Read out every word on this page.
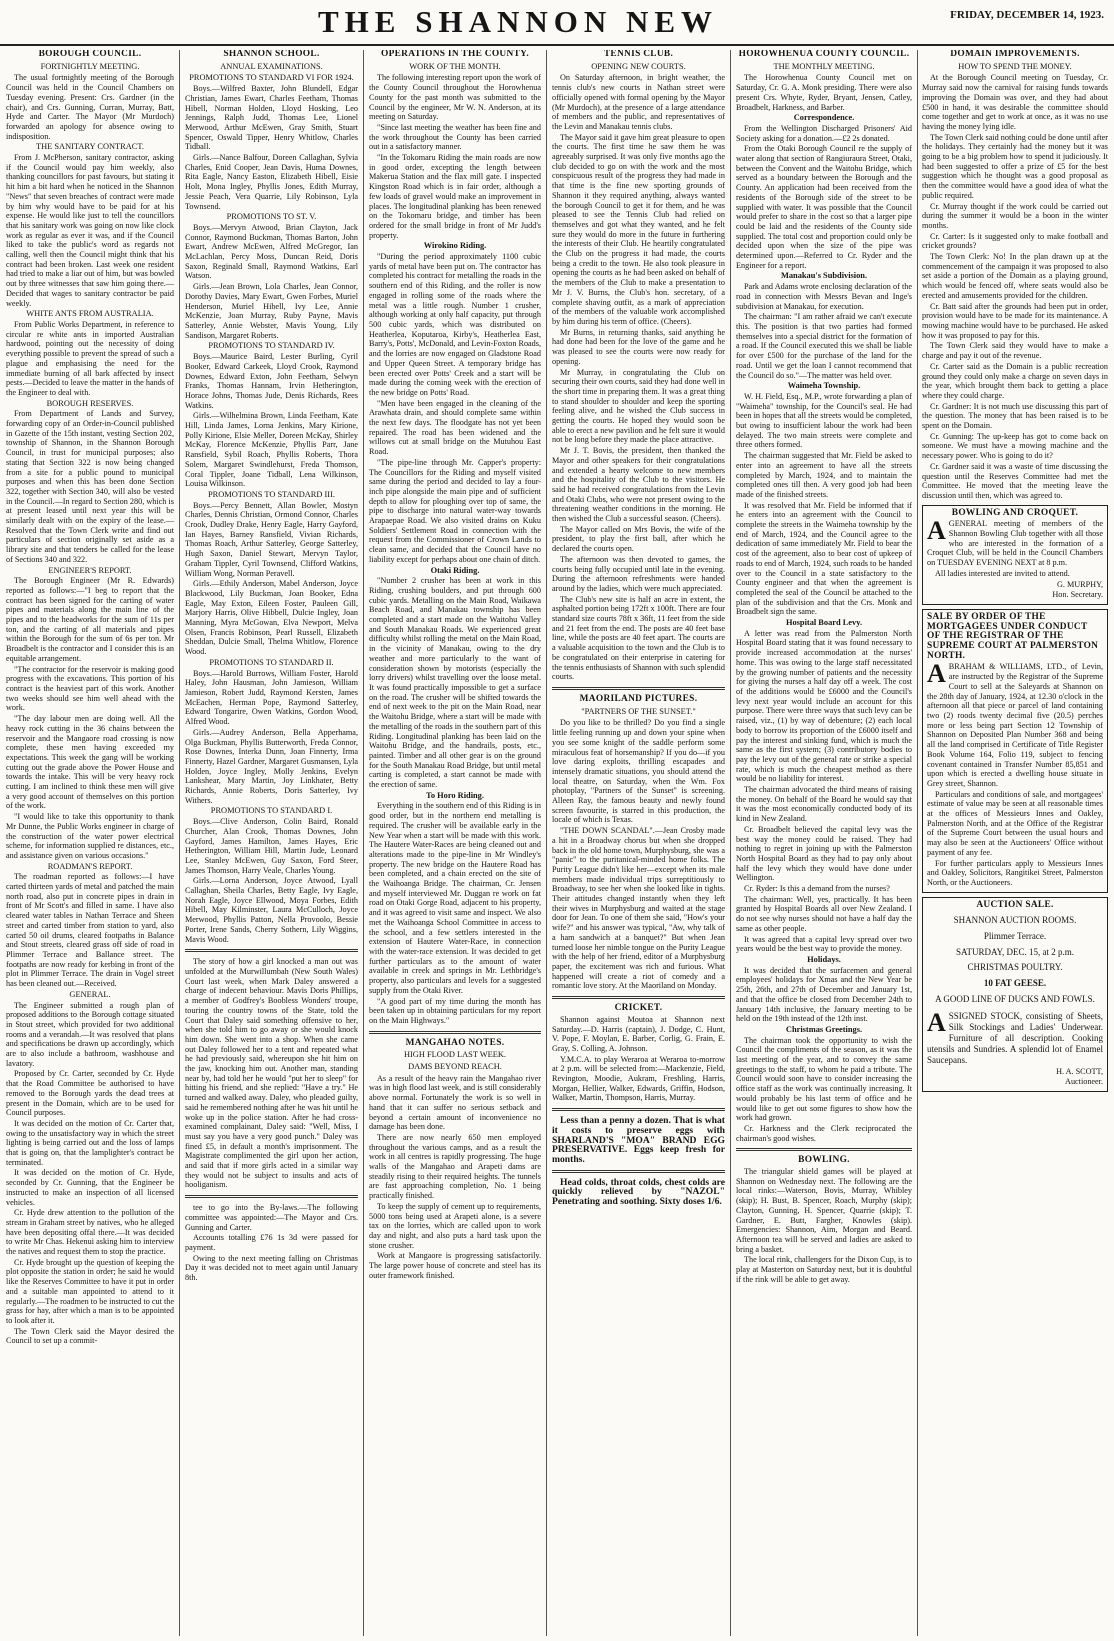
THE SHANNON NEW	FRIDAY, DECEMBER 14, 1923.
BOROUGH COUNCIL.
FORTNIGHTLY MEETING.

The usual fortnightly meeting of the Borough Council was held in the Council Chambers on Tuesday evening. Present: Crs. Gardner (in the chair), and Crs. Gunning, Curran, Murray, Batt, Hyde and Carter. The Mayor (Mr Murdoch) forwarded an apology for absence owing to indisposition.

THE SANITARY CONTRACT.

From J. McPherson, sanitary contractor, asking if the Council would pay him weekly, also thanking councillors for past favours, but stating it hit him a bit hard when he noticed in the Shannon "News" that seven breaches of contract were made by him why would have to be paid for at his expense. He would like just to tell the councillors that his sanitary work was going on now like clock work as regular as ever it was, and if the Council liked to take the public's word as regards not calling, well then the Council might think that his contract had been broken. Last week one resident had tried to make a liar out of him, but was bowled out by three witnesses that saw him going there.—Decided that wages to sanitary contractor be paid weekly.

WHITE ANTS FROM AUSTRALIA.

From Public Works Department, in reference to circular re white ants in imported Australian hardwood, pointing out the necessity of doing everything possible to prevent the spread of such a plague and emphasising the need for the immediate burning of all bark affected by insect pests.—Decided to leave the matter in the hands of the Engineer to deal with.

BOROUGH RESERVES.

From Department of Lands and Survey, forwarding copy of an Order-in-Council published in Gazette of the 15th instant, vesting Section 202, township of Shannon, in the Shannon Borough Council, in trust for municipal purposes; also stating that Section 322 is now being changed from a site for a public pound to municipal purposes and when this has been done Section 322, together with Section 340, will also be vested in the Council.—In regard to Section 280, which is at present leased until next year this will be similarly dealt with on the expiry of the lease.—Resolved that the Town Clerk write and find out particulars of section originally set aside as a library site and that tenders be called for the lease of Sections 340 and 322.

ENGINEER'S REPORT.

The Borough Engineer (Mr R. Edwards) reported as follows:—"I beg to report that the contract has been signed for the carting of water pipes and materials along the main line of the pipes and to the headworks for the sum of 11s per ton, and the carting of all materials and pipes within the Borough for the sum of 6s per ton. Mr Broadbelt is the contractor and I consider this is an equitable arrangement.

"The contractor for the reservoir is making good progress with the excavations. This portion of his contract is the heaviest part of this work. Another two weeks should see him well ahead with the work.

"The day labour men are doing well. All the heavy rock cutting in the 36 chains between the reservoir and the Mangaore road crossing is now complete, these men having exceeded my expectations. This week the gang will be working cutting out the grade above the Power House and towards the intake. This will be very heavy rock cutting. I am inclined to think these men will give a very good account of themselves on this portion of the work.

"I would like to take this opportunity to thank Mr Dunne, the Public Works engineer in charge of the construction of the water power electrical scheme, for information supplied re distances, etc., and assistance given on various occasions."

ROADMAN'S REPORT.

The roadman reported as follows:—I have carted thirteen yards of metal and patched the main north road, also put in concrete pipes in drain in front of Mr Scott's and filled in same. I have also cleared water tables in Nathan Terrace and Sheen street and carted timber from station to yard, also carted 50 oil drums, cleared footpaths in Balance and Stout streets, cleared grass off side of road in Plimmer Terrace and Ballance street. The footpaths are now ready for kerbing in front of the plot in Plimmer Terrace. The drain in Vogel street has been cleaned out.—Received.

GENERAL.

The Engineer submitted a rough plan of proposed additions to the Borough cottage situated in Stout street, which provided for two additional rooms and a verandah.—It was resolved that plans and specifications be drawn up accordingly, which are to also include a bathroom, washhouse and lavatory.

Proposed by Cr. Carter, seconded by Cr. Hyde that the Road Committee be authorised to have removed to the Borough yards the dead trees at present in the Domain, which are to be used for Council purposes.

It was decided on the motion of Cr. Carter that, owing to the unsatisfactory way in which the street lighting is being carried out and the loss of lamps that is going on, that the lamplighter's contract be terminated.

It was decided on the motion of Cr. Hyde, seconded by Cr. Gunning, that the Engineer be instructed to make an inspection of all licensed vehicles.

Cr. Hyde drew attention to the pollution of the stream in Graham street by natives, who he alleged have been depositing offal there.—It was decided to write Mr Chas. Hekenui asking him to interview the natives and request them to stop the practice.

Cr. Hyde brought up the question of keeping the plot opposite the station in order; he said he would like the Reserves Committee to have it put in order and a suitable man appointed to attend to it regularly.—The roadmen to be instructed to cut the grass for hay, after which a man is to be appointed to look after it.

The Town Clerk said the Mayor desired the Council to set up a commit-

SHANNON SCHOOL.
ANNUAL EXAMINATIONS.
PROMOTIONS TO STANDARD VI FOR 1924.

Boys.—Wilfred Baxter, John Blundell, Edgar Christian, James Ewart, Charles Feetham, Thomas Hibell, Norman Holden, Lloyd Hosking, Leo Jennings, Ralph Judd, Thomas Lee, Lionel Merwood, Arthur McEwen, Gray Smith, Stuart Spencer, Oswald Tipper, Henry Whitlow, Charles Tidball.

Girls.—Nance Balfour, Doreen Callaghan, Sylvia Charles, Enid Cooper, Jean Davis, Huma Downes, Rita Eagle, Nancy Easton, Elizabeth Hibell, Eisie Holt, Mona Ingley, Phyllis Jones, Edith Murray, Jessie Peach, Vera Quarrie, Lily Robinson, Lyla Townsend.

PROMOTIONS TO ST. V.

Boys.—Mervyn Atwood, Brian Clayton, Jack Connor, Raymond Buckman, Thomas Barton, John Ewart, Andrew McEwen, Alfred McGregor, Ian McLachlan, Percy Moss, Duncan Reid, Doris Saxon, Reginald Small, Raymond Watkins, Earl Watson.

Girls.—Jean Brown, Lola Charles, Jean Connor, Dorothy Davies, Mary Ewart, Gwen Forbes, Muriel Henderson, Muriel Hibell, Ivy Lee, Annie McKenzie, Joan Murray, Ruby Payne, Mavis Satterley, Annie Webster, Mavis Young, Lily Sandison, Margaret Roberts.

PROMOTIONS TO STANDARD IV.

Boys.—Maurice Baird, Lester Burling, Cyril Booker, Edward Carkeek, Lloyd Crook, Raymond Downes, Edward Exton, John Feetham, Selwyn Franks, Thomas Hannam, Irvin Hetherington, Horace Johns, Thomas Jude, Denis Richards, Rees Watkins.

Girls.—Wilhelmina Brown, Linda Feetham, Kate Hill, Linda James, Lorna Jenkins, Mary Kirione, Polly Kirione, Elsie Meller, Doreen McKay, Shirley McKay, Florence McKenzie, Phyllis Parr, Jane Ransfield, Sybil Roach, Phyllis Roberts, Thora Solem, Margaret Swindlehurst, Freda Thomson, Coral Tippler, Joane Tidball, Lena Wilkinson, Louisa Wilkinson.

PROMOTIONS TO STANDARD III.

Boys.—Percy Bennett, Allan Bowler, Mostyn Charles, Dennis Christian, Ormond Connor, Charles Crook, Dudley Drake, Henry Eagle, Harry Gayford, Ian Hayes, Barney Ransfield, Vivian Richards, Thomas Roach, Arthur Satterley, George Satterley, Hugh Saxon, Daniel Stewart, Mervyn Taylor, Graham Tippler, Cyril Townsend, Clifford Watkins, William Wong, Norman Peravell.

Girls.—Ethily Anderson, Mabel Anderson, Joyce Blackwood, Lily Buckman, Joan Booker, Edna Eagle, May Exton, Eileen Foster, Pauleen Gill, Marjory Harris, Olive Hibbell, Dulcie Ingley, Joan Manning, Myra McGowan, Elva Newport, Melva Olsen, Francis Robinson, Pearl Russell, Elizabeth Sheddan, Dulcie Small, Thelma Whitlow, Florence Wood.

PROMOTIONS TO STANDARD II.

Boys.—Harold Burrows, William Foster, Harold Haley, John Hausman, John Jamieson, William Jamieson, Robert Judd, Raymond Kersten, James McEachen, Herman Pope, Raymond Satterley, Edward Tongarire, Owen Watkins, Gordon Wood, Alfred Wood.

Girls.—Audrey Anderson, Bella Apperhama, Olga Buckman, Phyllis Butterworth, Freda Connor, Rose Downes, Interka Dunn, Joan Finnerty, Irma Finnerty, Hazel Gardner, Margaret Gusmansen, Lyla Holden, Joyce Ingley, Molly Jenkins, Evelyn Lankshear, Mary Martin, Joy Linkhater, Betty Richards, Annie Roberts, Doris Satterley, Ivy Withers.

PROMOTIONS TO STANDARD I.

Boys.—Clive Anderson, Colin Baird, Ronald Churcher, Alan Crook, Thomas Downes, John Gayford, James Hamilton, James Hayes, Eric Hetherington, William Hill, Martin Jude, Leonard Lee, Stanley McEwen, Guy Saxon, Ford Steer, James Thomson, Harry Veale, Charles Young.

Girls.—Lorna Anderson, Joyce Atwood, Lyall Callaghan, Sheila Charles, Betty Eagle, Ivy Eagle, Norah Eagle, Joyce Ellwood, Moya Forbes, Edith Hibell, May Kilminster, Laura McCulloch, Joyce Merwood, Phyllis Patton, Nella Provoolo, Bessie Porter, Irene Sands, Cherry Sothern, Lily Wiggins, Mavis Wood.

The story of how a girl knocked a man out was unfolded at the Murwillumbah (New South Wales) Court last week, when Mark Daley answered a charge of indecent behaviour. Mavis Doris Phillips, a member of Godfrey's Boobless Wonders' troupe, touring the country towns of the State, told the Court that Daley said something offensive to her, when she told him to go away or she would knock him down. She went into a shop. When she came out Daley followed her to a tent and repeated what he had previously said, whereupon she hit him on the jaw, knocking him out. Another man, standing near by, had told her he would "put her to sleep" for hitting his friend, and she replied: "Have a try." He turned and walked away. Daley, who pleaded guilty, said he remembered nothing after he was hit until he woke up in the police station. After he had cross-examined complainant, Daley said: "Well, Miss, I must say you have a very good punch." Daley was fined £5, in default a month's imprisonment. The Magistrate complimented the girl upon her action, and said that if more girls acted in a similar way they would not be subject to insults and acts of hooliganism.

tee to go into the By-laws.—The following committee was appointed:—The Mayor and Crs. Gunning and Carter.

Accounts totalling £76 1s 3d were passed for payment.

Owing to the next meeting falling on Christmas Day it was decided not to meet again until January 8th.

OPERATIONS IN THE COUNTY.
WORK OF THE MONTH.

The following interesting report upon the work of the County Council throughout the Horowhenua County for the past month was submitted to the Council by the engineer, Mr W. N. Anderson, at its meeting on Saturday.

"Since last meeting the weather has been fine and the work throughout the County has been carried out in a satisfactory manner.

"In the Tokomaru Riding the main roads are now in good order, excepting the length between Makerua Station and the flax mill gate. I inspected Kingston Road which is in fair order, although a few loads of gravel would make an improvement in places. The longitudinal planking has been renewed on the Tokomaru bridge, and timber has been ordered for the small bridge in front of Mr Judd's property.

Wirokino Riding.

"During the period approximately 1100 cubic yards of metal have been put on. The contractor has completed his contract for metalling the roads in the southern end of this Riding, and the roller is now engaged in rolling some of the roads where the metal was a little rough. Number 1 crusher, although working at only half capacity, put through 500 cubic yards, which was distributed on Heatherlea, Koputaroa, Kirby's, Heatherlea East, Barry's, Potts', McDonald, and Levin-Foxton Roads, and the lorries are now engaged on Gladstone Road and Upper Queen Street. A temporary bridge has been erected over Potts' Creek and a start will be made during the coming week with the erection of the new bridge on Potts' Road.

"Men have been engaged in the cleaning of the Arawhata drain, and should complete same within the next few days. The floodgate has not yet been repaired. The road has been widened and the willows cut at small bridge on the Mutuhou East Road.

"The pipe-line through Mr. Capper's property: The Councillors for the Riding and myself visited same during the period and decided to lay a four-inch pipe alongside the main pipe and of sufficient depth to allow for ploughing over top of same, the pipe to discharge into natural water-way towards Arapaepae Road. We also visited drains on Kuku Soldiers' Settlement Road in connection with the request from the Commissioner of Crown Lands to clean same, and decided that the Council have no liability except for perhaps about one chain of ditch.

Otaki Riding.

"Number 2 crusher has been at work in this Riding, crushing boulders, and put through 600 cubic yards. Metalling on the Main Road, Waikawa Beach Road, and Manakau township has been completed and a start made on the Waitohu Valley and South Manakau Roads. We experienced great difficulty whilst rolling the metal on the Main Road, in the vicinity of Manakau, owing to the dry weather and more particularly to the want of consideration shown by motorists (especially the lorry drivers) whilst travelling over the loose metal. It was found practically impossible to get a surface on the road. The crusher will be shifted towards the end of next week to the pit on the Main Road, near the Waitohu Bridge, where a start will be made with the metalling of the roads in the southern part of this Riding. Longitudinal planking has been laid on the Waitohu Bridge, and the handrails, posts, etc., painted. Timber and all other gear is on the ground for the South Manakau Road Bridge, but until metal carting is completed, a start cannot be made with the erection of same.

To Horo Riding.

Everything in the southern end of this Riding is in good order, but in the northern end metalling is required. The crusher will be available early in the New Year when a start will be made with this work. The Hautere Water-Races are being cleaned out and alterations made to the pipe-line in Mr Windley's property. The new bridge on the Hautere Road has been completed, and a chain erected on the site of the Waihoanga Bridge. The chairman, Cr. Jensen and myself interviewed Mr. Duggan re work on fat road on Otaki Gorge Road, adjacent to his property, and it was agreed to visit same and inspect. We also met the Waihoanga School Committee in access to the school, and a few settlers interested in the extension of Hautere Water-Race, in connection with the water-race extension. It was decided to get further particulars as to the amount of water available in creek and springs in Mr. Lethbridge's property, also particulars and levels for a suggested supply from the Otaki River.

"A good part of my time during the month has been taken up in obtaining particulars for my report on the Main Highways."

MANGAHAO NOTES.
HIGH FLOOD LAST WEEK.
DAMS BEYOND REACH.

As a result of the heavy rain the Mangahao river was in high flood last week, and is still considerably above normal. Fortunately the work is so well in hand that it can suffer no serious setback and beyond a certain amount of inconvenience no damage has been done.

There are now nearly 650 men employed throughout the various camps, and as a result the work in all centres is rapidly progressing. The huge walls of the Mangahao and Arapeti dams are steadily rising to their required heights. The tunnels are fast approaching completion, No. 1 being practically finished.

To keep the supply of cement up to requirements, 5000 tons being used at Arapeti alone, is a severe tax on the lorries, which are called upon to work day and night, and also puts a hard task upon the stone crusher.

Work at Mangaore is progressing satisfactorily. The large power house of concrete and steel has its outer framework finished.

TENNIS CLUB.
OPENING NEW COURTS.

On Saturday afternoon, in bright weather, the tennis club's new courts in Nathan street were officially opened with formal opening by the Mayor (Mr Murdoch), at the presence of a large attendance of members and the public, and representatives of the Levin and Manakau tennis clubs.

The Mayor said it gave him great pleasure to open the courts. The first time he saw them he was agreeably surprised. It was only five months ago the club decided to go on with the work and the most conspicuous result of the progress they had made in that time is the fine new sporting grounds of Shannon it they required anything, always wanted the borough Council to get it for them, and he was pleased to see the Tennis Club had relied on themselves and got what they wanted, and he felt sure they would do more in the future in furthering the interests of their Club. He heartily congratulated the Club on the progress it had made, the courts being a credit to the town. He also took pleasure in opening the courts as he had been asked on behalf of the members of the Club to make a presentation to Mr J. V. Burns, the Club's hon. secretary, of a complete shaving outfit, as a mark of appreciation of the members of the valuable work accomplished by him during his term of office. (Cheers).

Mr Burns, in returning thanks, said anything he had done had been for the love of the game and he was pleased to see the courts were now ready for opening.

Mr Murray, in congratulating the Club on securing their own courts, said they had done well in the short time in preparing them. It was a great thing to stand shoulder to shoulder and keep the sporting feeling alive, and he wished the Club success in getting the courts. He hoped they would soon be able to erect a new pavilion and he felt sure it would not be long before they made the place attractive.

Mr J. T. Bovis, the president, then thanked the Mayor and other speakers for their congratulations and extended a hearty welcome to new members and the hospitality of the Club to the visitors. He said he had received congratulations from the Levin and Otaki Clubs, who were not present owing to the threatening weather conditions in the morning. He then wished the Club a successful season. (Cheers).

The Mayor called on Mrs Bovis, the wife of the president, to play the first ball, after which he declared the courts open.

The afternoon was then devoted to games, the courts being fully occupied until late in the evening. During the afternoon refreshments were handed around by the ladies, which were much appreciated.

The Club's new site is half an acre in extent, the asphalted portion being 172ft x 100ft. There are four standard size courts 78ft x 36ft, 11 feet from the side and 21 feet from the end. The posts are 40 feet base line, while the posts are 40 feet apart. The courts are a valuable acquisition to the town and the Club is to be congratulated on their enterprise in catering for the tennis enthusiasts of Shannon with such splendid courts.

MAORILAND PICTURES.
"PARTNERS OF THE SUNSET."

Do you like to be thrilled? Do you find a single little feeling running up and down your spine when you see some knight of the saddle perform some miraculous feat of horsemanship? If you do—if you love daring exploits, thrilling escapades and intensely dramatic situations, you should attend the local theatre, on Saturday, when the Wm. Fox photoplay, "Partners of the Sunset" is screening. Alleen Ray, the famous beauty and newly found screen favourite, is starred in this production, the locale of which is Texas.

"THE DOWN SCANDAL".—Jean Crosby made a hit in a Broadway chorus but when she dropped back in the old home town, Murphysburg, she was a "panic" to the puritanical-minded home folks. The Purity League didn't like her—except when its male members made individual trips surreptitiously to Broadway, to see her when she looked like in tights. Their attitudes changed instantly when they left their wives in Murphysburg and waited at the stage door for Jean. To one of them she said, "How's your wife?" and his answer was typical, "Aw, why talk of a ham sandwich at a banquet?" But when Jean turned loose her nimble tongue on the Purity League with the help of her friend, editor of a Murphysburg paper, the excitement was rich and furious. What happened will create a riot of comedy and a romantic love story. At the Maoriland on Monday.

CRICKET.

Shannon against Moutoa at Shannon next Saturday.—D. Harris (captain), J. Dodge, C. Hunt, V. Pope, F. Moylan, E. Barber, Corlig, G. Frain, E. Gray, S. Colling, A. Johnson.

Y.M.C.A. to play Weraroa at Weraroa to-morrow at 2 p.m. will be selected from:—Mackenzie, Field, Revington, Moodie, Aukram, Freshling, Harris, Morgan, Hellier, Walker, Edwards, Griffin, Hodson, Walker, Martin, Thompson, Harris, Murray.

Less than a penny a dozen. That is what it costs to preserve eggs with SHARLAND'S "MOA" BRAND EGG PRESERVATIVE. Eggs keep fresh for months.

Head colds, throat colds, chest colds are quickly relieved by "NAZOL" Penetrating and soothing. Sixty doses 1/6.

HOROWHENUA COUNTY COUNCIL.
THE MONTHLY MEETING.

The Horowhenua County Council met on Saturday, Cr. G. A. Monk presiding. There were also present Crs. Whyte, Ryder, Bryant, Jensen, Catley, Broadbelt, Harkness, and Barber.

Correspondence.

From the Wellington Discharged Prisoners' Aid Society asking for a donation.—£2 2s donated.

From the Otaki Borough Council re the supply of water along that section of Rangiuraura Street, Otaki, between the Convent and the Waitohu Bridge, which served as a boundary between the Borough and the County. An application had been received from the residents of the Borough side of the street to be supplied with water. It was possible that the Council would prefer to share in the cost so that a larger pipe could be laid and the residents of the County side supplied. The total cost and proportion could only be decided upon when the size of the pipe was determined upon.—Referred to Cr. Ryder and the Engineer for a report.

Manakau's Subdivision.

Park and Adams wrote enclosing declaration of the road in connection with Messrs Bevan and Inge's subdivision at Manakau, for execution.

The chairman: "I am rather afraid we can't execute this. The position is that two parties had formed themselves into a special district for the formation of a road. If the Council executed this we shall be liable for over £500 for the purchase of the land for the road. Until we get the loan I cannot recommend that the Council do so."—The matter was held over.

Waimeha Township.

W. H. Field, Esq., M.P., wrote forwarding a plan of "Waimeha" township, for the Council's seal. He had been in hopes that all the streets would be completed, but owing to insufficient labour the work had been delayed. The two main streets were complete and three others formed.

The chairman suggested that Mr. Field be asked to enter into an agreement to have all the streets completed by March, 1924, and to maintain the completed ones till then. A very good job had been made of the finished streets.

It was resolved that Mr. Field be informed that if he enters into an agreement with the Council to complete the streets in the Waimeha township by the end of March, 1924, and the Council agree to the dedication of same immediately Mr. Field to bear the cost of the agreement, also to bear cost of upkeep of roads to end of March, 1924, such roads to be handed over to the Council in a state satisfactory to the County engineer and that when the agreement is completed the seal of the Council be attached to the plan of the subdivision and that the Crs. Monk and Broadbelt sign the same.

Hospital Board Levy.

A letter was read from the Palmerston North Hospital Board stating that it was found necessary to provide increased accommodation at the nurses' home. This was owing to the large staff necessitated by the growing number of patients and the necessity for giving the nurses a half day off a week. The cost of the additions would be £6000 and the Council's levy next year would include an account for this purpose. There were three ways that such levy can be raised, viz., (1) by way of debenture; (2) each local body to borrow its proportion of the £6000 itself and pay the interest and sinking fund, which is much the same as the first system; (3) contributory bodies to pay the levy out of the general rate or strike a special rate, which is much the cheapest method as there would be no liability for interest.

The chairman advocated the third means of raising the money. On behalf of the Board he would say that it was the most economically conducted body of its kind in New Zealand.

Cr. Broadbelt believed the capital levy was the best way the money could be raised. They had nothing to regret in joining up with the Palmerston North Hospital Board as they had to pay only about half the levy which they would have done under Wellington.

Cr. Ryder: Is this a demand from the nurses?

The chairman: Well, yes, practically. It has been granted by Hospital Boards all over New Zealand. I do not see why nurses should not have a half day the same as other people.

It was agreed that a capital levy spread over two years would be the best way to provide the money.

Holidays.

It was decided that the surfacemen and general employees' holidays for Xmas and the New Year be 25th, 26th, and 27th of December and January 1st, and that the office be closed from December 24th to January 14th inclusive, the January meeting to be held on the 19th instead of the 12th inst.

Christmas Greetings.

The chairman took the opportunity to wish the Council the compliments of the season, as it was the last meeting of the year, and to convey the same greetings to the staff, to whom he paid a tribute. The Council would soon have to consider increasing the office staff as the work was continually increasing. It would probably be his last term of office and he would like to get out some figures to show how the work had grown.

Cr. Harkness and the Clerk reciprocated the chairman's good wishes.

BOWLING.

The triangular shield games will be played at Shannon on Wednesday next. The following are the local rinks:—Waterson, Bovis, Murray, Whibley (skip); H. Bust, B. Spencer, Roach, Murphy (skip); Clayton, Gunning, H. Spencer, Quarrie (skip); T. Gardner, E. Butt, Fargher, Knowles (skip). Emergencies: Shannon, Aim, Morgan and Beard. Afternoon tea will be served and ladies are asked to bring a basket.

The local rink, challengers for the Dixon Cup, is to play at Masterton on Saturday next, but it is doubtful if the rink will be able to get away.

DOMAIN IMPROVEMENTS.
HOW TO SPEND THE MONEY.

At the Borough Council meeting on Tuesday, Cr. Murray said now the carnival for raising funds towards improving the Domain was over, and they had about £500 in hand, it was desirable the committee should come together and get to work at once, as it was no use having the money lying idle.

The Town Clerk said nothing could be done until after the holidays. They certainly had the money but it was going to be a big problem how to spend it judiciously. It had been suggested to offer a prize of £5 for the best suggestion which he thought was a good proposal as then the committee would have a good idea of what the public required.

Cr. Murray thought if the work could be carried out during the summer it would be a boon in the winter months.

Cr. Carter: Is it suggested only to make football and cricket grounds?

The Town Clerk: No! In the plan drawn up at the commencement of the campaign it was proposed to also set aside a portion of the Domain as a playing ground, which would be fenced off, where seats would also be erected and amusements provided for the children.

Cr. Batt said after the grounds had been put in order, provision would have to be made for its maintenance. A mowing machine would have to be purchased. He asked how it was proposed to pay for this.

The Town Clerk said they would have to make a charge and pay it out of the revenue.

Cr. Carter said as the Domain is a public recreation ground they could only make a charge on seven days in the year, which brought them back to getting a place where they could charge.

Cr. Gardner: It is not much use discussing this part of the question. The money that has been raised is to be spent on the Domain.

Cr. Gunning: The up-keep has got to come back on someone. We must have a mowing machine and the necessary power. Who is going to do it?

Cr. Gardner said it was a waste of time discussing the question until the Reserves Committee had met the Committee. He moved that the meeting leave the discussion until then, which was agreed to.

BOWLING AND CROQUET.

AGENERAL meeting of members of the Shannon Bowling Club together with all those who are interested in the formation of a Croquet Club, will be held in the Council Chambers on TUESDAY EVENING NEXT at 8 p.m.

All ladies interested are invited to attend.

G. MURPHY,

Hon. Secretary.

SALE BY ORDER OF THE MORTGAGEES UNDER CONDUCT OF THE REGISTRAR OF THE SUPREME COURT AT PALMERSTON NORTH.

ABRAHAM & WILLIAMS, LTD., of Levin, are instructed by the Registrar of the Supreme Court to sell at the Saleyards at Shannon on the 28th day of January, 1924, at 12.30 o'clock in the afternoon all that piece or parcel of land containing two (2) roods twenty decimal five (20.5) perches more or less being part Section 12 Township of Shannon on Deposited Plan Number 368 and being all the land comprised in Certificate of Title Register Book Volume 164, Folio 119, subject to fencing covenant contained in Transfer Number 85,851 and upon which is erected a dwelling house situate in Grey street, Shannon.

Particulars and conditions of sale, and mortgagees' estimate of value may be seen at all reasonable times at the offices of Messieurs Innes and Oakley, Palmerston North, and at the Office of the Registrar of the Supreme Court between the usual hours and may also be seen at the Auctioneers' Office without payment of any fee.

For further particulars apply to Messieurs Innes and Oakley, Solicitors, Rangitikei Street, Palmerston North, or the Auctioneers.

AUCTION SALE.
SHANNON AUCTION ROOMS.
Plimmer Terrace.
SATURDAY, DEC. 15, at 2 p.m.
CHRISTMAS POULTRY.
10 FAT GEESE.
A GOOD LINE OF DUCKS AND FOWLS.

ASSIGNED STOCK, consisting of Sheets, Silk Stockings and Ladies' Underwear. Furniture of all description. Cooking utensils and Sundries. A splendid lot of Enamel Saucepans.

H. A. SCOTT,

Auctioneer.
